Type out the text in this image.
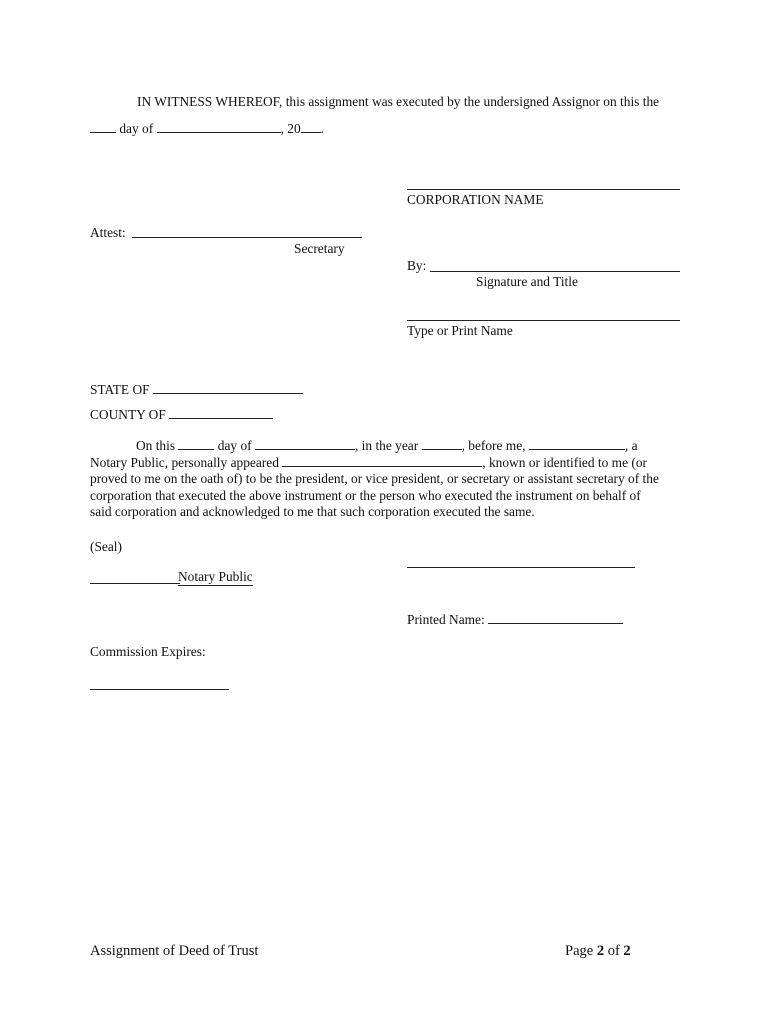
IN WITNESS WHEREOF, this assignment was executed by the undersigned Assignor on this the
day of	, 20 .
CORPORATION NAME
Attest:
Secretary
By:
Signature and Title
Type or Print Name
STATE OF
COUNTY OF
On this	day of	, in the year	, before me,	, a
Notary Public, personally appeared	, known or identified to me (or
proved to me on the oath of) to be the president, or vice president, or secretary or assistant secretary of the
corporation that executed the above instrument or the person who executed the instrument on behalf of
said corporation and acknowledged to me that such corporation executed the same.
(Seal)
Notary Public
Printed Name:
Commission Expires:
Assignment of Deed of Trust	Page 2 of 2
